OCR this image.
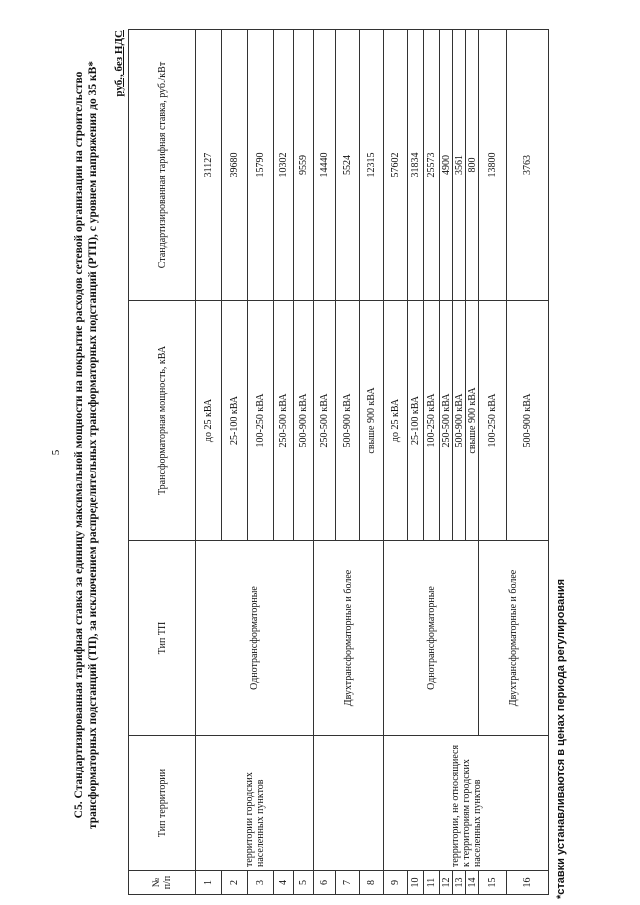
5 С5. Стандартизированная тарифная ставка за единицу максимальной мощности на покрытие расходов сетевой организации на строительство трансформаторных подстанций (ТП), за исключением распределительных трансформаторных подстанций (РТП), с уровнем напряжения до 35 кВ* руб., без НДС
№ п/п	Тип территории	Тип ТП	Трансформаторная мощность, кВА	Стандартизированная тарифная ставка, руб./кВт
1	территории городских населенных пунктов	Однотрансформаторные	до 25 кВА	31127
2			25-100 кВА	39680
3			100-250 кВА	15790
4			250-500 кВА	10302
5			500-900 кВА	9559
6		Двухтрансформаторные и более	250-500 кВА	14440
7			500-900 кВА	5524
8			свыше 900 кВА	12315
9	территории, не относящиеся к территориям городских населенных пунктов	Однотрансформаторные	до 25 кВА	57602
10			25-100 кВА	31834
11			100-250 кВА	25573
12			250-500 кВА	4900
13			500-900 кВА	3561
14			свыше 900 кВА	800
15		Двухтрансформаторные и более	100-250 кВА	13800
16			500-900 кВА	3763
*ставки устанавливаются в ценах периода регулирования
